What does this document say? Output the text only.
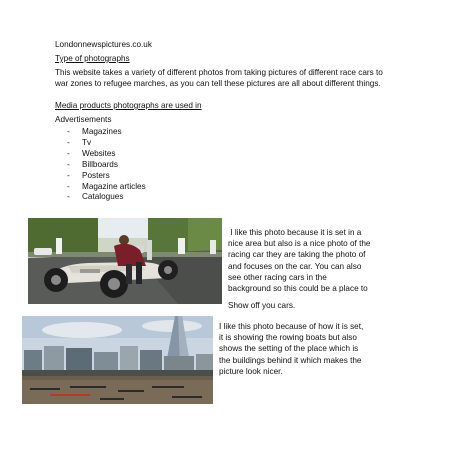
Londonnewspictures.co.uk
Type of photographs
This website takes a variety of different photos from taking pictures of different race cars to war zones to refugee marches, as you can tell these pictures are all about different things.
Media products photographs are used in
Advertisements
- Magazines
- Tv
- Websites
- Billboards
- Posters
- Magazine articles
- Catalogues
I like this photo because it is set in a
nice area but also is a nice photo of the
racing car they are taking the photo of
and focuses on the car. You can also
see other racing cars in the
background so this could be a place to
Show off you cars.
I like this photo because of how it is set,
it is showing the rowing boats but also
shows the setting of the place which is
the buildings behind it which makes the
picture look nicer.
